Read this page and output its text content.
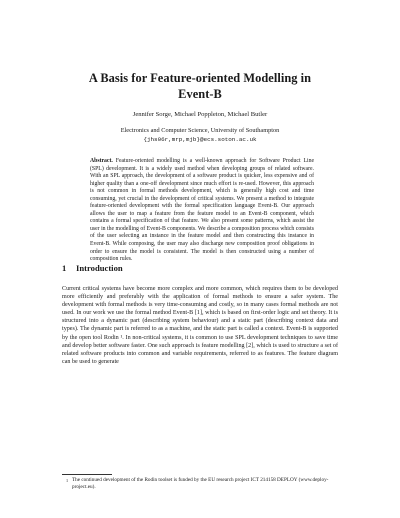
A Basis for Feature-oriented Modelling in
Event-B
Jennifer Sorge, Michael Poppleton, Michael Butler
Electronics and Computer Science, University of Southampton
{jhs06r,mrp,mjb}@ecs.soton.ac.uk
Abstract. Feature-oriented modelling is a well-known approach for Software Product Line (SPL) development. It is a widely used method when developing groups of related software. With an SPL approach, the development of a software product is quicker, less expensive and of higher quality than a one-off development since much effort is re-used. However, this approach is not common in formal methods development, which is generally high cost and time consuming, yet crucial in the development of critical systems. We present a method to integrate feature-oriented development with the formal specification language Event-B. Our approach allows the user to map a feature from the feature model to an Event-B component, which contains a formal specification of that feature. We also present some patterns, which assist the user in the modelling of Event-B components. We describe a composition process which consists of the user selecting an instance in the feature model and then constructing this instance in Event-B. While composing, the user may also discharge new composition proof obligations in order to ensure the model is consistent. The model is then constructed using a number of composition rules.
1 Introduction
Current critical systems have become more complex and more common, which requires them to be developed more efficiently and preferably with the application of formal methods to ensure a safer system. The development with formal methods is very time-consuming and costly, so in many cases formal methods are not used. In our work we use the formal method Event-B [1], which is based on first-order logic and set theory. It is structured into a dynamic part (describing system behaviour) and a static part (describing context data and types). The dynamic part is referred to as a machine, and the static part is called a context. Event-B is supported by the open tool Rodin ¹. In non-critical systems, it is common to use SPL development techniques to save time and develop better software faster. One such approach is feature modelling [2], which is used to structure a set of related software products into common and variable requirements, referred to as features. The feature diagram can be used to generate
1 The continued development of the Rodin toolset is funded by the EU research project ICT 214158 DEPLOY (www.deploy-project.eu).
